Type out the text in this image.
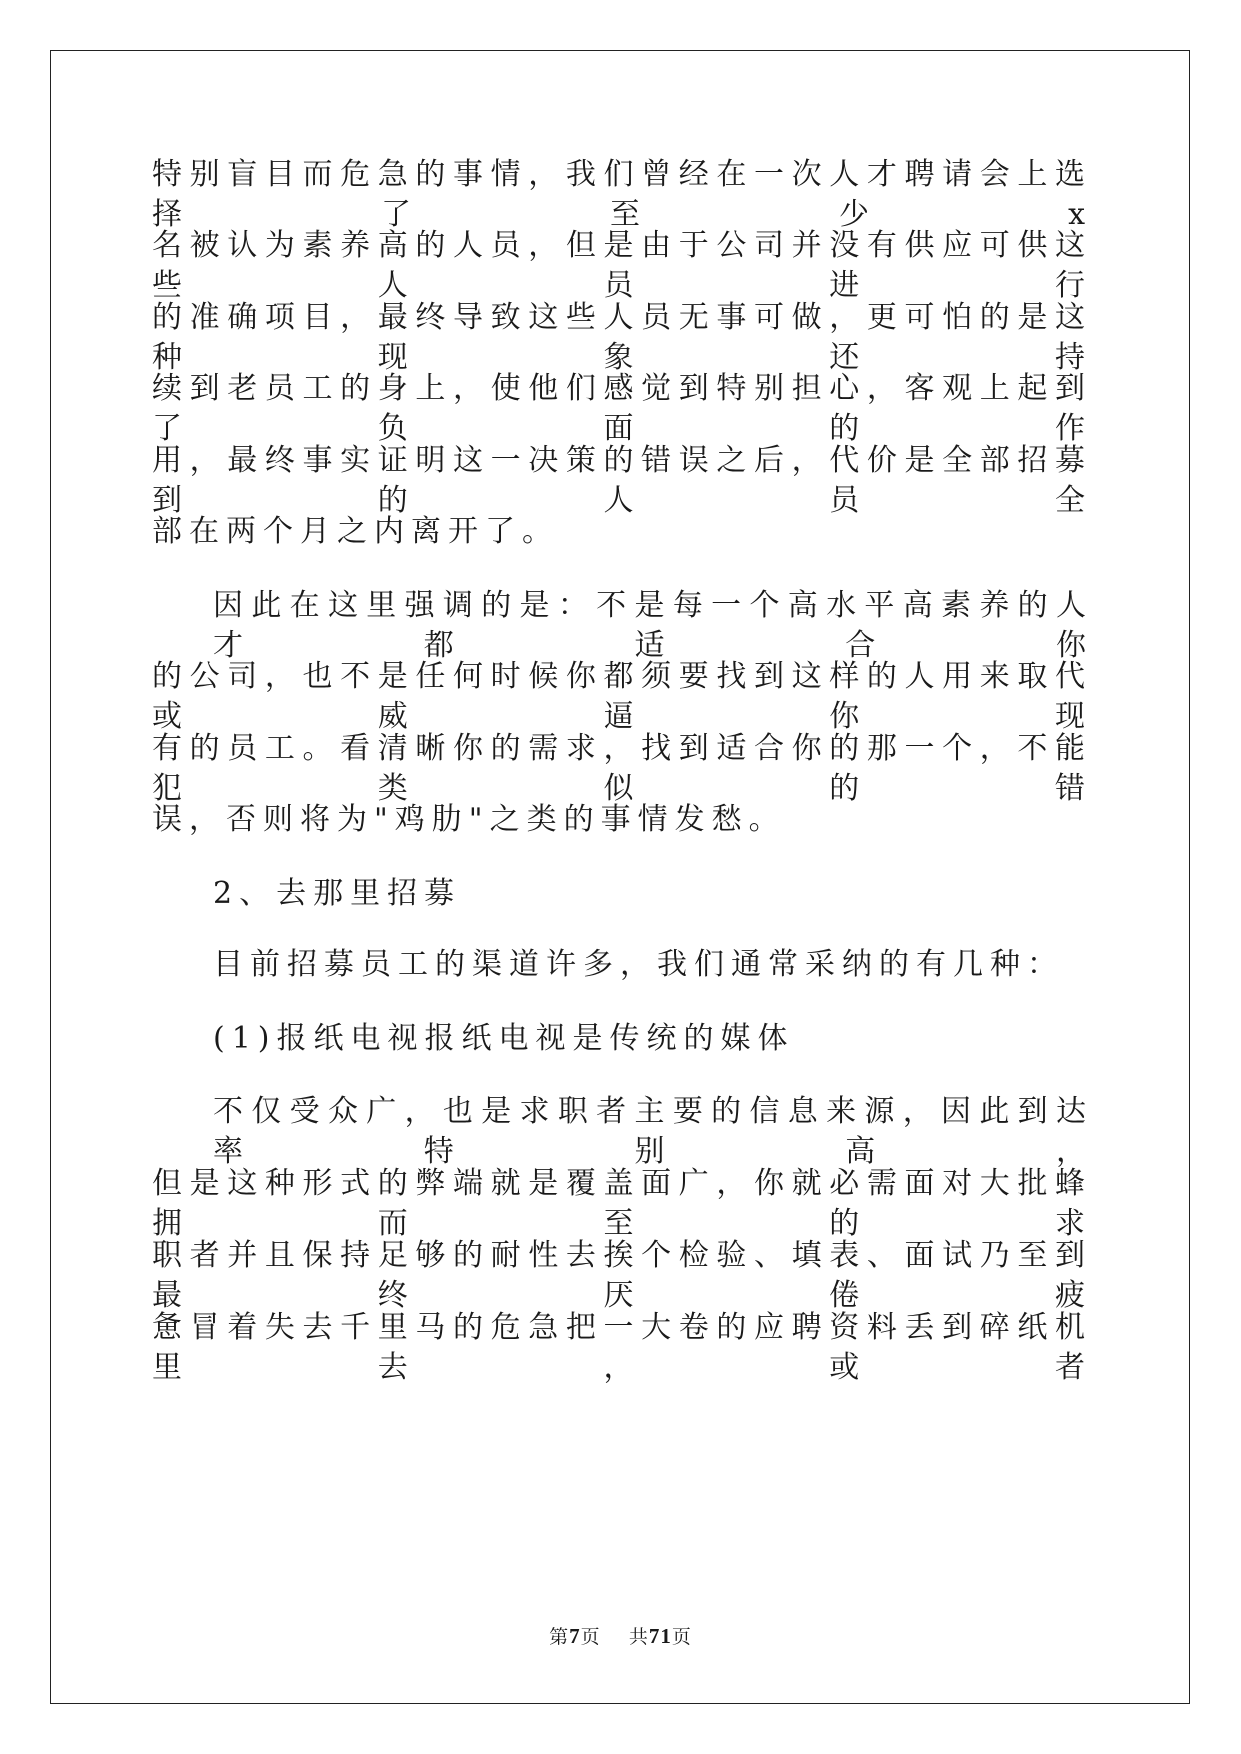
特别盲目而危急的事情，我们曾经在一次人才聘请会上选择了至少x
名被认为素养高的人员，但是由于公司并没有供应可供这些人员进行
的准确项目，最终导致这些人员无事可做，更可怕的是这种现象还持
续到老员工的身上，使他们感觉到特别担心，客观上起到了负面的作
用，最终事实证明这一决策的错误之后，代价是全部招募到的人员全
部在两个月之内离开了。
因此在这里强调的是：不是每一个高水平高素养的人才都适合你
的公司，也不是任何时候你都须要找到这样的人用来取代或威逼你现
有的员工。看清晰你的需求，找到适合你的那一个，不能犯类似的错
误，否则将为"鸡肋"之类的事情发愁。
2、去那里招募
目前招募员工的渠道许多，我们通常采纳的有几种：
(1)报纸电视报纸电视是传统的媒体
不仅受众广，也是求职者主要的信息来源，因此到达率特别高，
但是这种形式的弊端就是覆盖面广，你就必需面对大批蜂拥而至的求
职者并且保持足够的耐性去挨个检验、填表、面试乃至到最终厌倦疲
惫冒着失去千里马的危急把一大卷的应聘资料丢到碎纸机里去，或者
第7页 共71页
